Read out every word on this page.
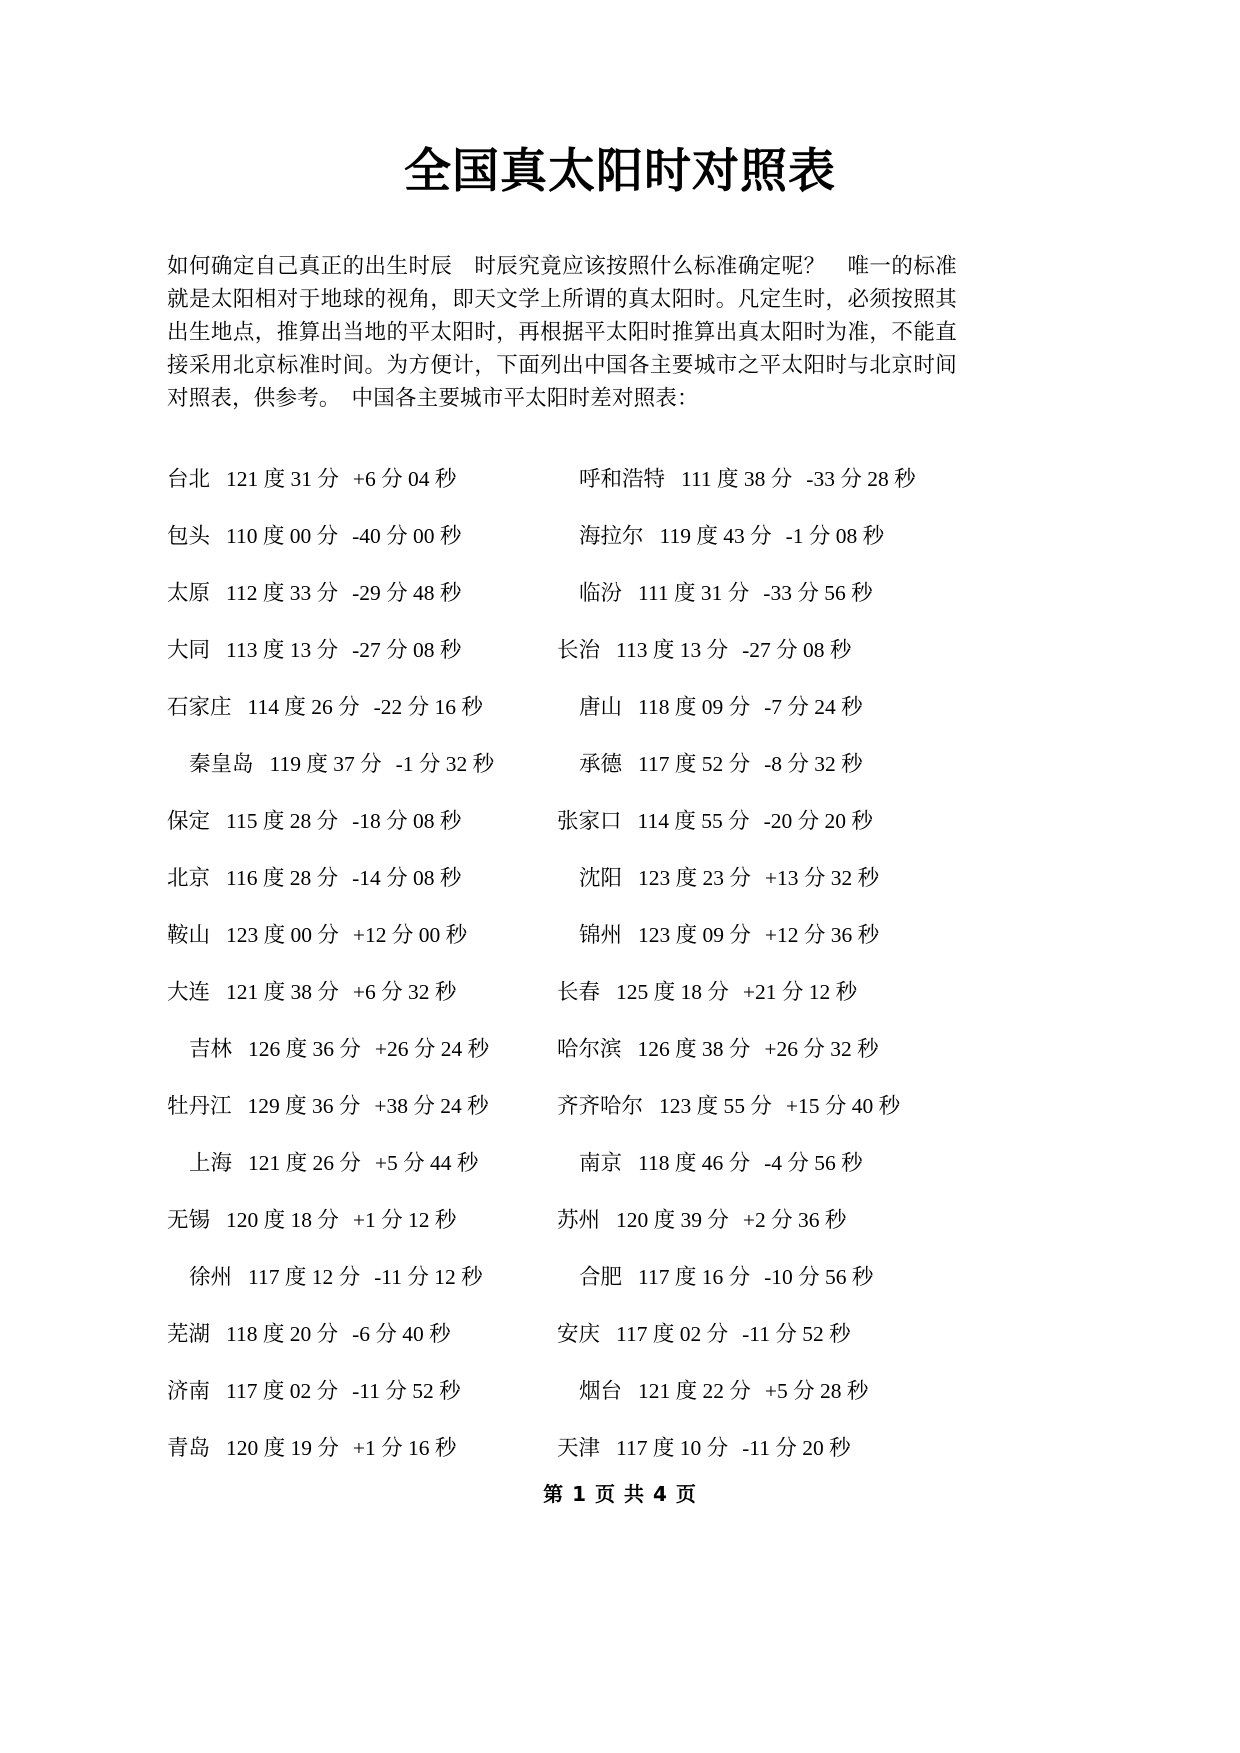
全国真太阳时对照表

如何确定自己真正的出生时辰　时辰究竟应该按照什么标准确定呢？　唯一的标准就是太阳相对于地球的视角，即天文学上所谓的真太阳时。凡定生时，必须按照其出生地点，推算出当地的平太阳时，再根据平太阳时推算出真太阳时为准，不能直接采用北京标准时间。为方便计，下面列出中国各主要城市之平太阳时与北京时间对照表，供参考。　中国各主要城市平太阳时差对照表：

台北 121 度 31 分 +6 分 04 秒	呼和浩特 111 度 38 分 -33 分 28 秒
包头 110 度 00 分 -40 分 00 秒	海拉尔 119 度 43 分 -1 分 08 秒
太原 112 度 33 分 -29 分 48 秒	临汾 111 度 31 分 -33 分 56 秒
大同 113 度 13 分 -27 分 08 秒	长治 113 度 13 分 -27 分 08 秒
石家庄 114 度 26 分 -22 分 16 秒	唐山 118 度 09 分 -7 分 24 秒
秦皇岛 119 度 37 分 -1 分 32 秒	承德 117 度 52 分 -8 分 32 秒
保定 115 度 28 分 -18 分 08 秒	张家口 114 度 55 分 -20 分 20 秒
北京 116 度 28 分 -14 分 08 秒	沈阳 123 度 23 分 +13 分 32 秒
鞍山 123 度 00 分 +12 分 00 秒	锦州 123 度 09 分 +12 分 36 秒
大连 121 度 38 分 +6 分 32 秒	长春 125 度 18 分 +21 分 12 秒
吉林 126 度 36 分 +26 分 24 秒	哈尔滨 126 度 38 分 +26 分 32 秒
牡丹江 129 度 36 分 +38 分 24 秒	齐齐哈尔 123 度 55 分 +15 分 40 秒
上海 121 度 26 分 +5 分 44 秒	南京 118 度 46 分 -4 分 56 秒
无锡 120 度 18 分 +1 分 12 秒	苏州 120 度 39 分 +2 分 36 秒
徐州 117 度 12 分 -11 分 12 秒	合肥 117 度 16 分 -10 分 56 秒
芜湖 118 度 20 分 -6 分 40 秒	安庆 117 度 02 分 -11 分 52 秒
济南 117 度 02 分 -11 分 52 秒	烟台 121 度 22 分 +5 分 28 秒
青岛 120 度 19 分 +1 分 16 秒	天津 117 度 10 分 -11 分 20 秒
第 1 页 共 4 页
